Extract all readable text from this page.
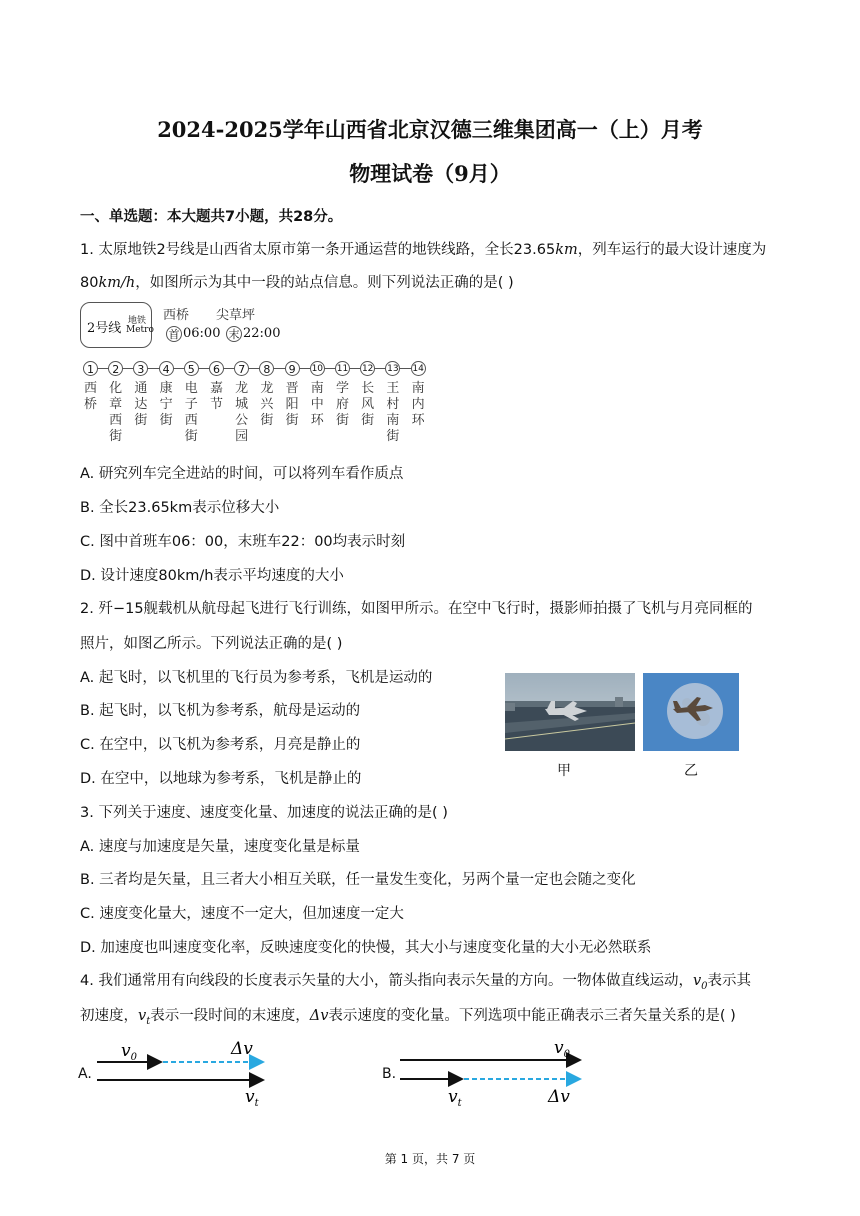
2024-2025学年山西省北京汉德三维集团高一（上）月考
物理试卷（9月）
一、单选题：本大题共7小题，共28分。
1. 太原地铁2号线是山西省太原市第一条开通运营的地铁线路，全长23.65km，列车运行的最大设计速度为
80km/h，如图所示为其中一段的站点信息。则下列说法正确的是( )
2号线 地铁
Metro
西桥 尖草坪
首 06:00 末 22:00
1
西桥
2
化章西街
3
通达街
4
康宁街
5
电子西街
6
嘉节
7
龙城公园
8
龙兴街
9
晋阳街
10
南中环
11
学府街
12
长风街
13
王村南街
14
南内环
A. 研究列车完全进站的时间，可以将列车看作质点
B. 全长23.65km表示位移大小
C. 图中首班车06：00，末班车22：00均表示时刻
D. 设计速度80km/h表示平均速度的大小
2. 歼−15舰载机从航母起飞进行飞行训练，如图甲所示。在空中飞行时，摄影师拍摄了飞机与月亮同框的
照片，如图乙所示。下列说法正确的是( )
A. 起飞时，以飞机里的飞行员为参考系，飞机是运动的
B. 起飞时，以飞机为参考系，航母是运动的
C. 在空中，以飞机为参考系，月亮是静止的
D. 在空中，以地球为参考系，飞机是静止的	甲	乙
3. 下列关于速度、速度变化量、加速度的说法正确的是( )
A. 速度与加速度是矢量，速度变化量是标量
B. 三者均是矢量，且三者大小相互关联，任一量发生变化，另两个量一定也会随之变化
C. 速度变化量大，速度不一定大，但加速度一定大
D. 加速度也叫速度变化率，反映速度变化的快慢，其大小与速度变化量的大小无必然联系
4. 我们通常用有向线段的长度表示矢量的大小，箭头指向表示矢量的方向。一物体做直线运动，$v_0$表示其
初速度，$v_t$表示一段时间的末速度，Δv表示速度的变化量。下列选项中能正确表示三者矢量关系的是( )
A.
$v_0$	Δv
$v_t$
B.
$v_0$
$v_t$	Δv
第 1 页，共 7 页
